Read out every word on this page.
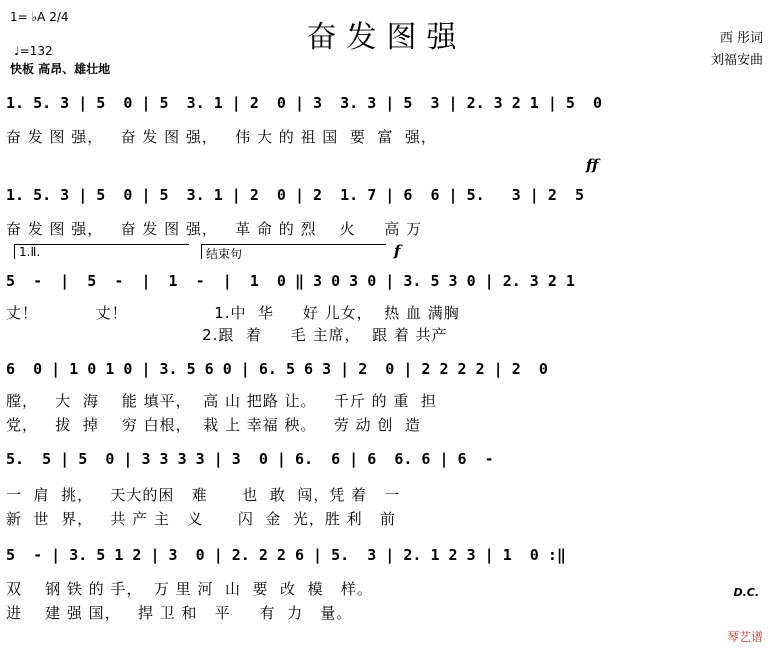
奋发图强
1= ♭A 2/4
♩=132
快板 高昂、雄壮地
西 彤词
刘福安曲
1. 5. 3 | 5  0 | 5  3. 1 | 2  0 | 3  3. 3 | 5  3 | 2. 3 2 1 | 5  0
奋 发 图 强，   奋 发 图 强，   伟 大 的 祖 国  要  富  强，
ff
1. 5. 3 | 5  0 | 5  3. 1 | 2  0 | 2  1. 7 | 6  6 | 5.   3 | 2  5
奋 发 图 强，   奋 发 图 强，   革 命 的 烈    火     高 万
1.Ⅱ.	结束句	f
5  -  |  5  -  |  1  -  |  1  0 ‖ 3 0 3 0 | 3. 5 3 0 | 2. 3 2 1
丈！          丈！               1.中  华     好 儿女，  热 血 满胸
2.跟  着     毛 主席，  跟 着 共产
6  0 | 1 0 1 0 | 3. 5 6 0 | 6. 5 6 3 | 2  0 | 2 2 2 2 | 2  0
膛，   大  海    能 填平，  高 山 把路 让。   千斤 的 重  担
党，   拔  掉    穷 白根，  栽 上 幸福 秧。   劳 动 创  造
5.  5 | 5  0 | 3 3 3 3 | 3  0 | 6.  6 | 6  6. 6 | 6  -
一  肩  挑，   天大的困   难      也  敢  闯，凭 着   一
新  世  界，   共 产 主   义      闪  金  光，胜 利   前
5  - | 3. 5 1 2 | 3  0 | 2. 2 2 6 | 5.  3 | 2. 1 2 3 | 1  0 :‖
双    钢 铁 的 手，  万 里 河  山  要  改  模   样。
进    建 强 国，   捍 卫 和   平     有  力   量。
D.C.
琴艺谱
